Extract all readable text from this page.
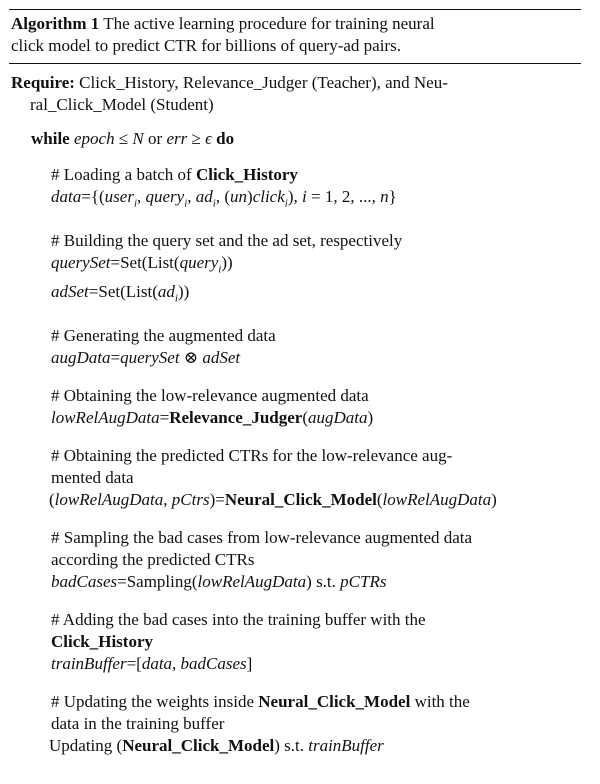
Algorithm 1 The active learning procedure for training neural
click model to predict CTR for billions of query-ad pairs.
Require: Click_History, Relevance_Judger (Teacher), and Neu-
ral_Click_Model (Student)
while epoch ≤ N or err ≥ ϵ do
# Loading a batch of Click_History
data={(user$_i$, query$_i$, $ad_i$, (un)click$_i$), i = 1, 2, ..., n}
# Building the query set and the ad set, respectively
querySet=Set(List(query$_i$))
$adSet=Set(List(ad_i))$
# Generating the augmented data
augData=querySet ⊗ adSet
# Obtaining the low-relevance augmented data
lowRelAugData=Relevance_Judger(augData)
# Obtaining the predicted CTRs for the low-relevance aug-
mented data
(lowRelAugData, pCtrs)=Neural_Click_Model(lowRelAugData)
# Sampling the bad cases from low-relevance augmented data
according the predicted CTRs
badCases=Sampling(lowRelAugData) s.t. pCTRs
# Adding the bad cases into the training buffer with the
Click_History
trainBuffer=[data, badCases]
# Updating the weights inside Neural_Click_Model with the
data in the training buffer
Updating (Neural_Click_Model) s.t. trainBuffer
